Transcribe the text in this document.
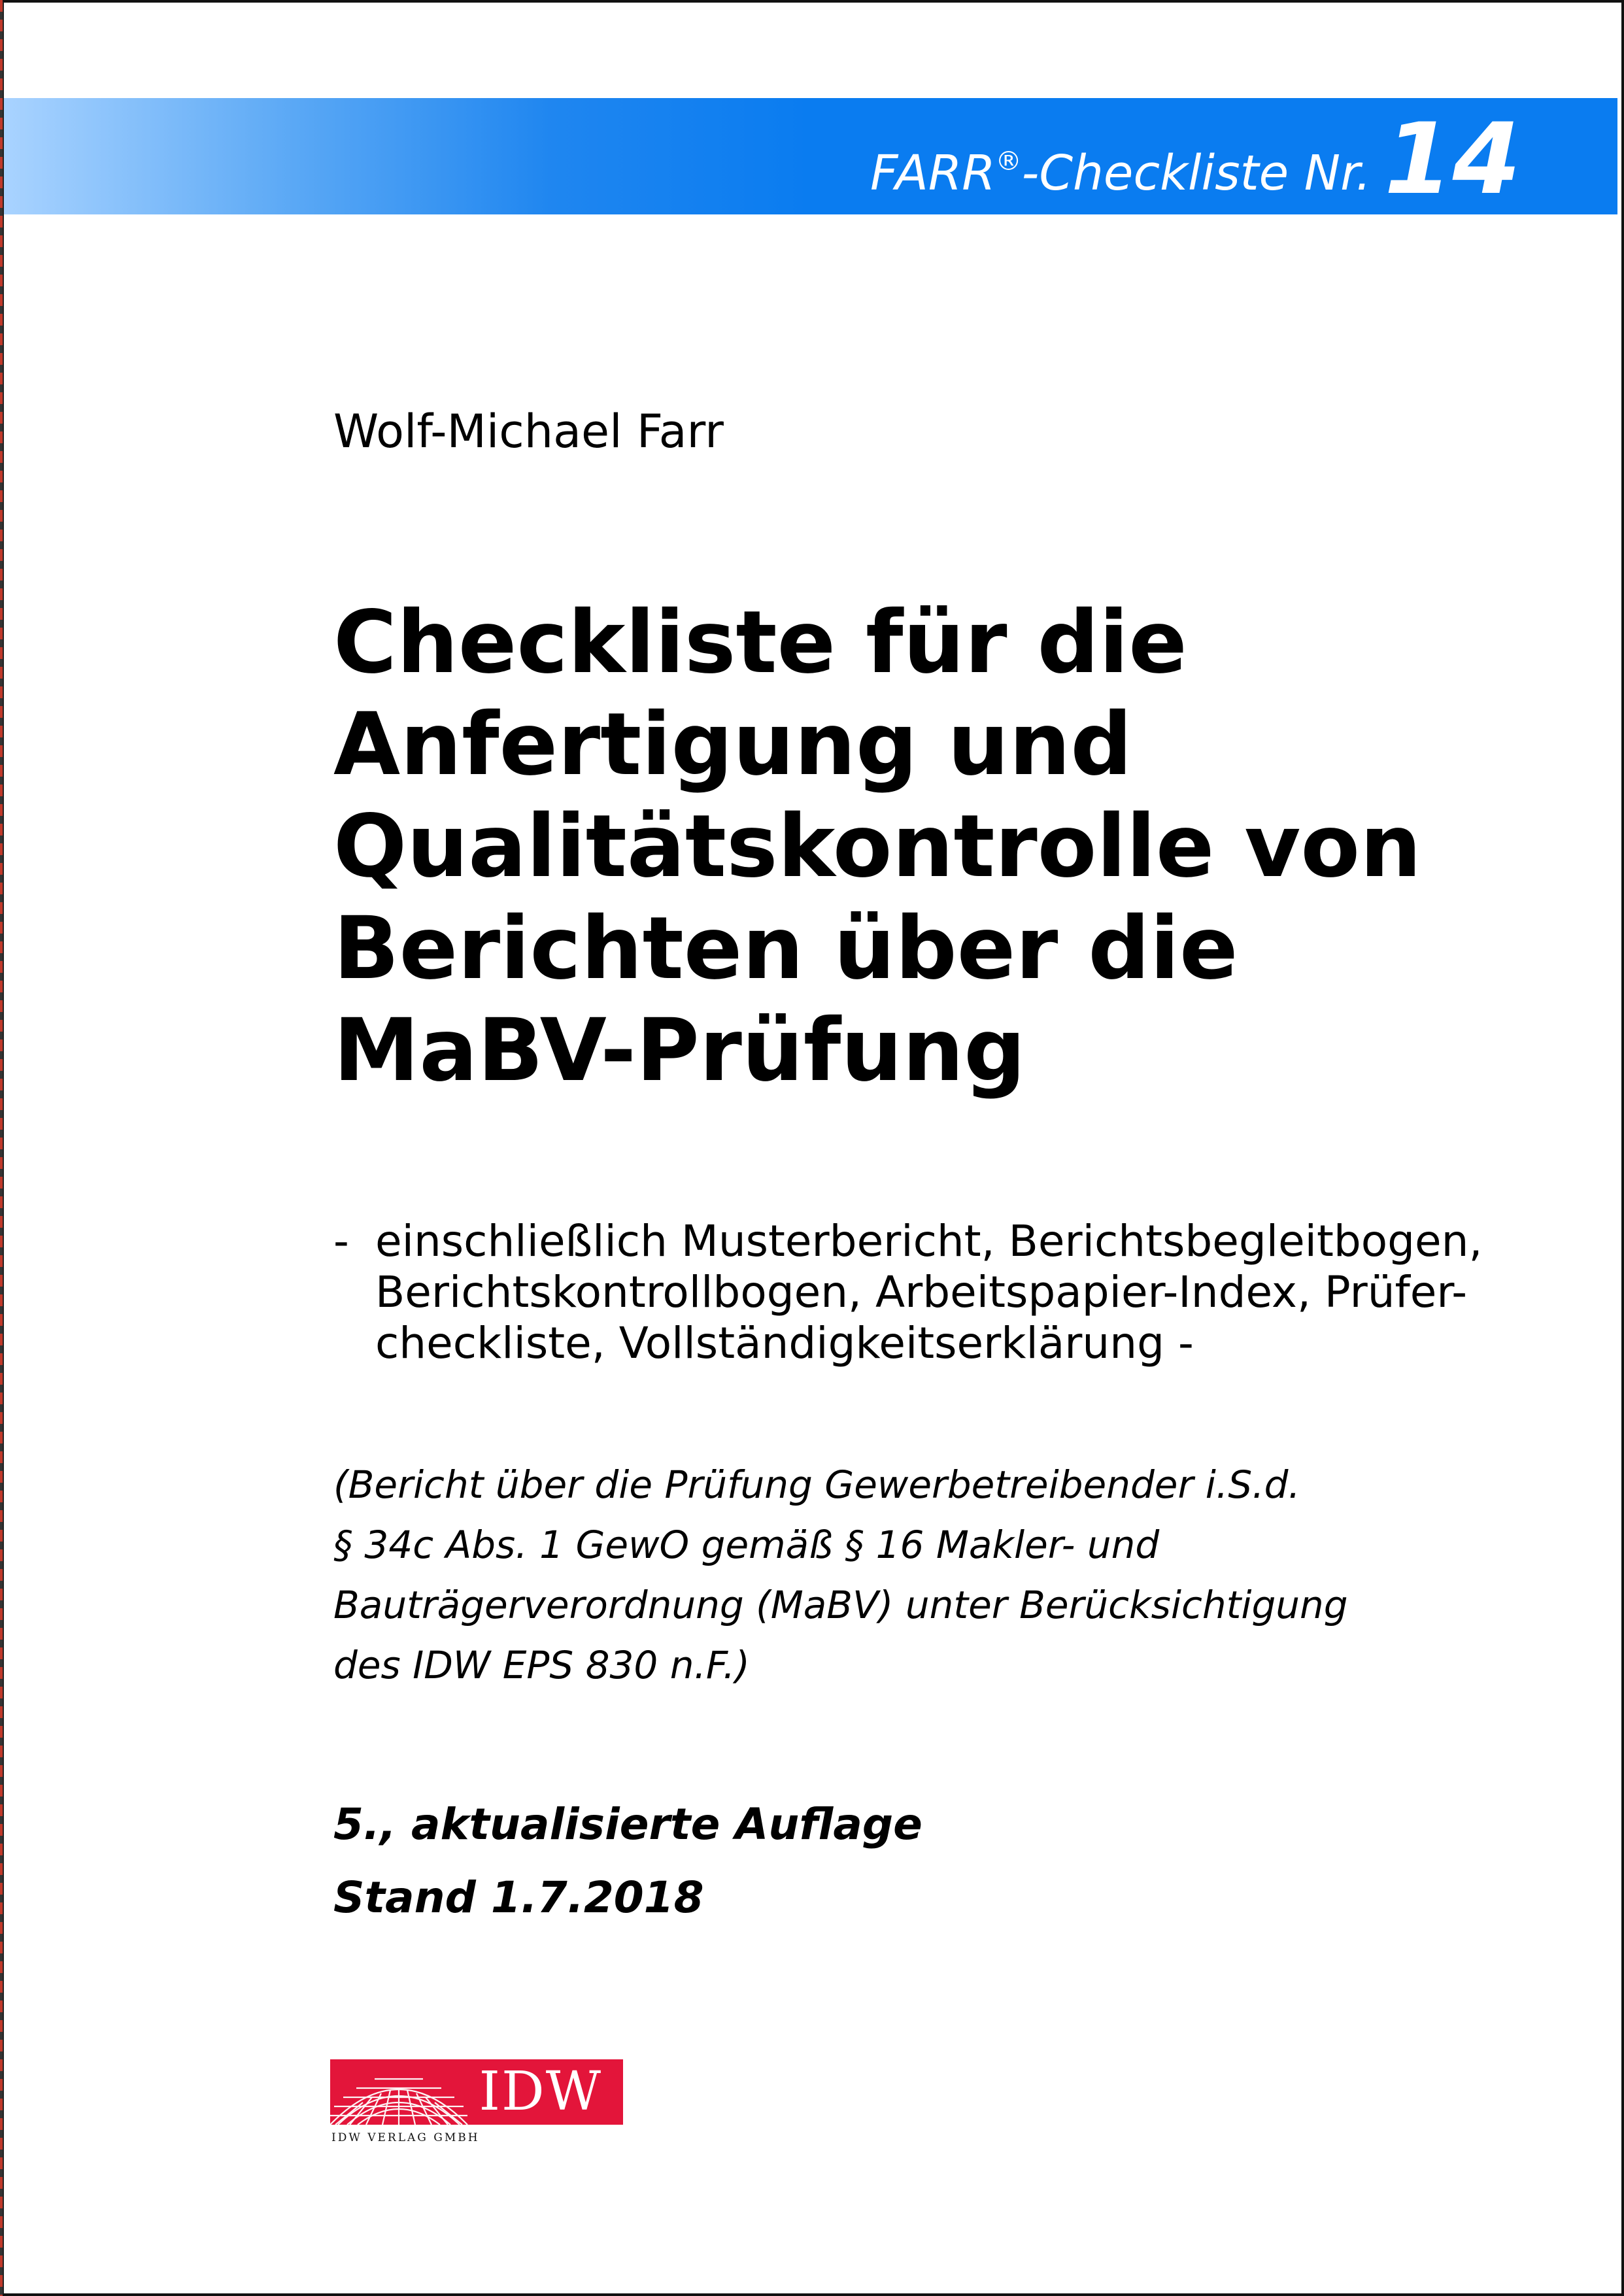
FARR®-Checkliste Nr. 14
Wolf-Michael Farr
Checkliste für die
Anfertigung und
Qualitätskontrolle von
Berichten über die
MaBV-Prüfung
- einschließlich Musterbericht, Berichtsbegleitbogen,
Berichtskontrollbogen, Arbeitspapier-Index, Prüfer-
checkliste, Vollständigkeitserklärung -
(Bericht über die Prüfung Gewerbetreibender i.S.d.
§ 34c Abs. 1 GewO gemäß § 16 Makler- und
Bauträgerverordnung (MaBV) unter Berücksichtigung
des IDW EPS 830 n.F.)
5., aktualisierte Auflage
Stand 1.7.2018
IDW
IDW VERLAG GMBH
